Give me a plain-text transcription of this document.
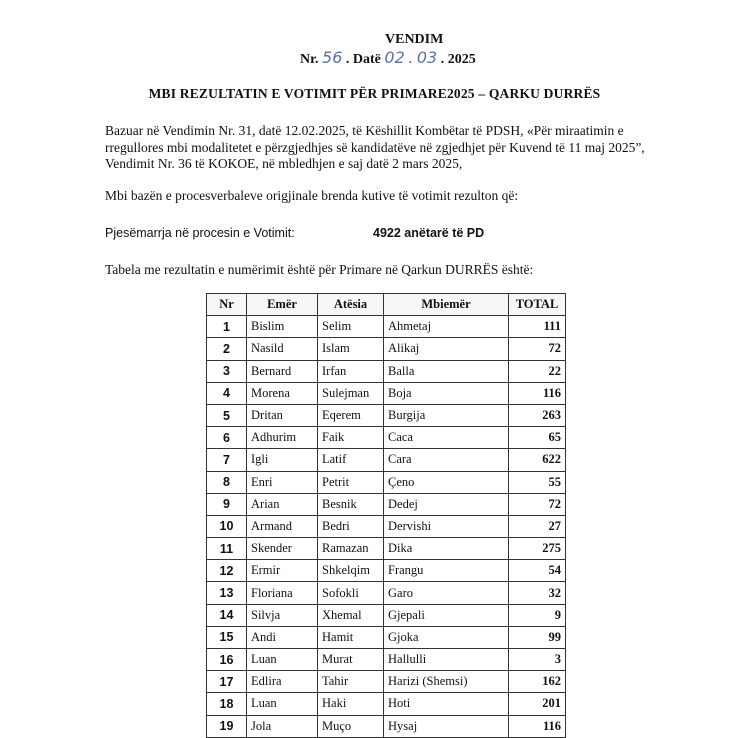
VENDIM
Nr. 56 . Datë 02 . 03 . 2025
MBI REZULTATIN E VOTIMIT PËR PRIMARE2025 – QARKU DURRËS
Bazuar në Vendimin Nr. 31, datë 12.02.2025, të Këshillit Kombëtar të PDSH, «Për miraatimin e rregullores mbi modalitetet e përzgjedhjes së kandidatëve në zgjedhjet për Kuvend të 11 maj 2025”, Vendimit Nr. 36 të KOKOE, në mbledhjen e saj datë 2 mars 2025,
Mbi bazën e procesverbaleve origjinale brenda kutive të votimit rezulton që:
Pjesëmarrja në procesin e Votimit:	4922 anëtarë të PD
Tabela me rezultatin e numërimit është për Primare në Qarkun DURRËS është:
Nr	Emër	Atësia	Mbiemër	TOTAL
1	Bislim	Selim	Ahmetaj	111
2	Nasild	Islam	Alikaj	72
3	Bernard	Irfan	Balla	22
4	Morena	Sulejman	Boja	116
5	Dritan	Eqerem	Burgija	263
6	Adhurim	Faik	Caca	65
7	Igli	Latif	Cara	622
8	Enri	Petrit	Çeno	55
9	Arian	Besnik	Dedej	72
10	Armand	Bedri	Dervishi	27
11	Skender	Ramazan	Dika	275
12	Ermir	Shkelqim	Frangu	54
13	Floriana	Sofokli	Garo	32
14	Silvja	Xhemal	Gjepali	9
15	Andi	Hamit	Gjoka	99
16	Luan	Murat	Hallulli	3
17	Edlira	Tahir	Harizi (Shemsi)	162
18	Luan	Haki	Hoti	201
19	Jola	Muço	Hysaj	116
